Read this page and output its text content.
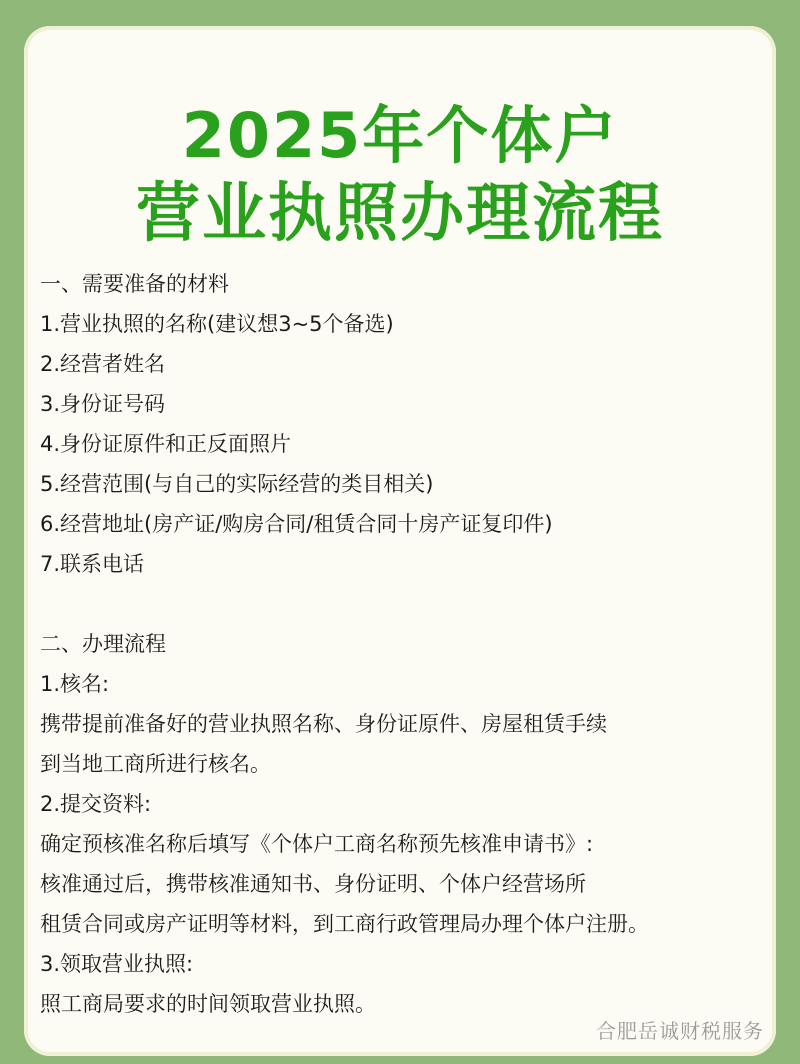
2025年个体户
营业执照办理流程
一、需要准备的材料
1.营业执照的名称(建议想3~5个备选)
2.经营者姓名
3.身份证号码
4.身份证原件和正反面照片
5.经营范围(与自己的实际经营的类目相关)
6.经营地址(房产证/购房合同/租赁合同十房产证复印件)
7.联系电话
二、办理流程
1.核名:
携带提前准备好的营业执照名称、身份证原件、房屋租赁手续
到当地工商所进行核名。
2.提交资料:
确定预核准名称后填写《个体户工商名称预先核准申请书》:
核准通过后，携带核准通知书、身份证明、个体户经营场所
租赁合同或房产证明等材料，到工商行政管理局办理个体户注册。
3.领取营业执照:
照工商局要求的时间领取营业执照。
合肥岳诚财税服务
